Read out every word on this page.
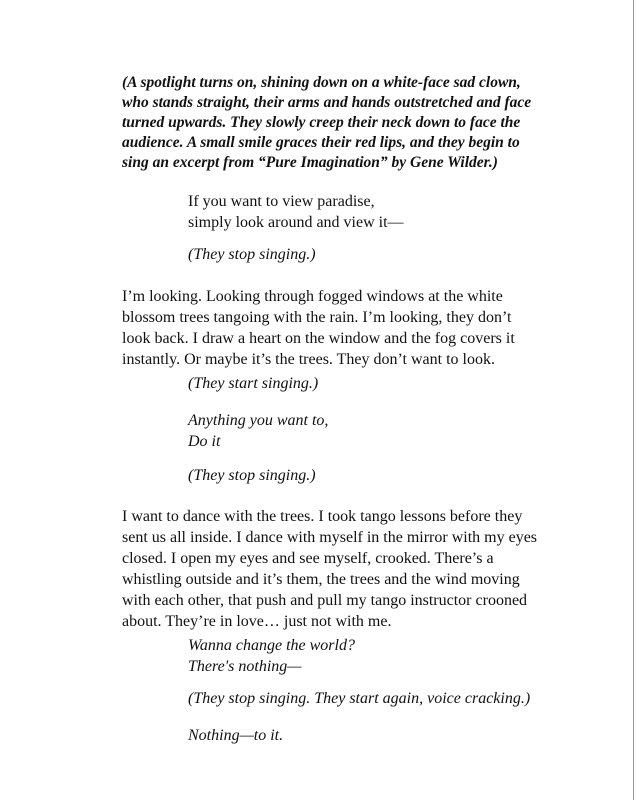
(A spotlight turns on, shining down on a white-face sad clown,
who stands straight, their arms and hands outstretched and face
turned upwards. They slowly creep their neck down to face the
audience. A small smile graces their red lips, and they begin to
sing an excerpt from “Pure Imagination” by Gene Wilder.)

If you want to view paradise,
simply look around and view it—

(They stop singing.)

I’m looking. Looking through fogged windows at the white
blossom trees tangoing with the rain. I’m looking, they don’t
look back. I draw a heart on the window and the fog covers it
instantly. Or maybe it’s the trees. They don’t want to look.

(They start singing.)

Anything you want to,
Do it

(They stop singing.)

I want to dance with the trees. I took tango lessons before they
sent us all inside. I dance with myself in the mirror with my eyes
closed. I open my eyes and see myself, crooked. There’s a
whistling outside and it’s them, the trees and the wind moving
with each other, that push and pull my tango instructor crooned
about. They’re in love… just not with me.

Wanna change the world?
There's nothing—

(They stop singing. They start again, voice cracking.)

Nothing—to it.
